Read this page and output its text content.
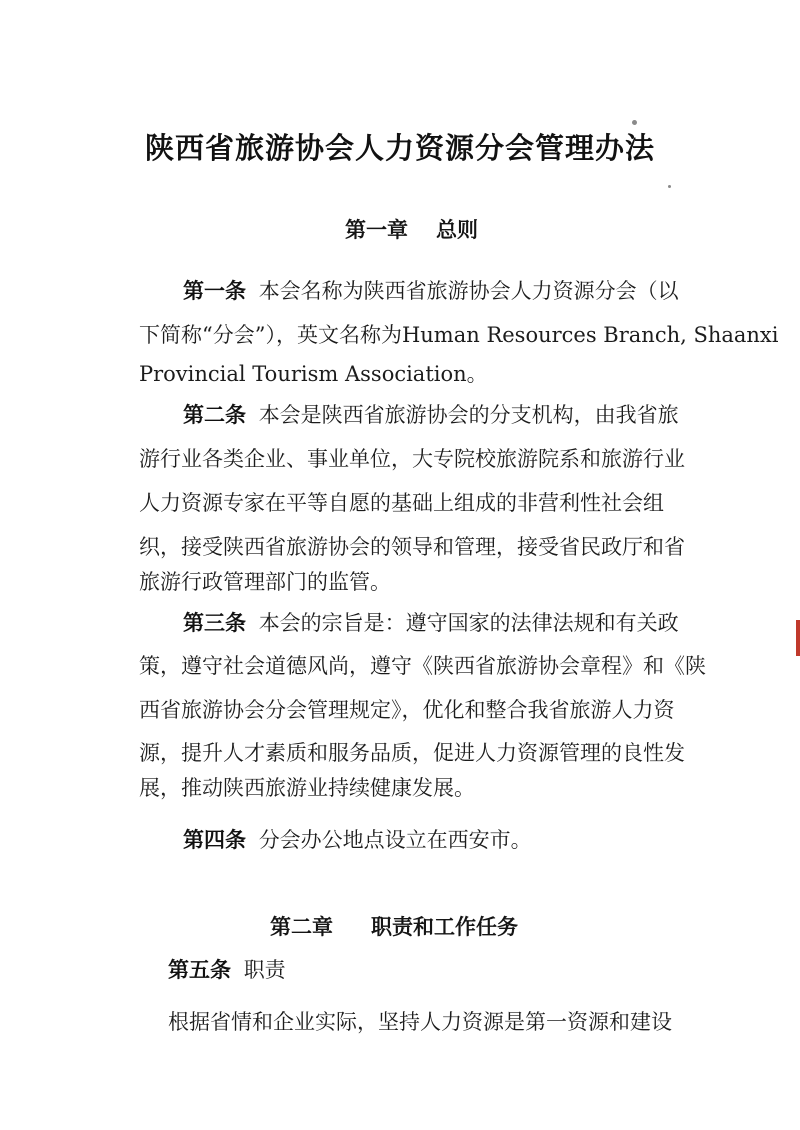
陕西省旅游协会人力资源分会管理办法
第一章 总则
第一条 本会名称为陕西省旅游协会人力资源分会（以
下简称“分会”），英文名称为Human Resources Branch, Shaanxi
Provincial Tourism Association。
第二条 本会是陕西省旅游协会的分支机构，由我省旅
游行业各类企业、事业单位，大专院校旅游院系和旅游行业
人力资源专家在平等自愿的基础上组成的非营利性社会组
织，接受陕西省旅游协会的领导和管理，接受省民政厅和省
旅游行政管理部门的监管。
第三条 本会的宗旨是：遵守国家的法律法规和有关政
策，遵守社会道德风尚，遵守《陕西省旅游协会章程》和《陕
西省旅游协会分会管理规定》，优化和整合我省旅游人力资
源，提升人才素质和服务品质，促进人力资源管理的良性发
展，推动陕西旅游业持续健康发展。
第四条 分会办公地点设立在西安市。
第二章 职责和工作任务
第五条 职责
根据省情和企业实际，坚持人力资源是第一资源和建设
